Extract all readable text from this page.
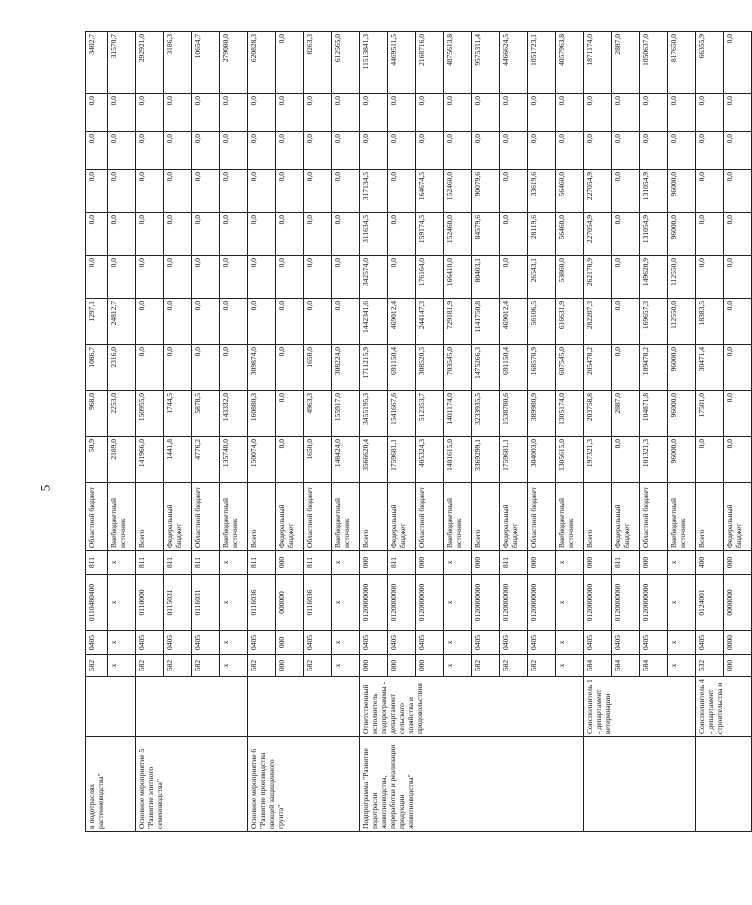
5
в подотраслях растениеводства"		582	0405	0110480400	811	Областной бюджет	50,9	968,0	1086,7	1297,1	0,0	0,0	0,0	0,0	0,0	3402,7
		х	х	х	х	Внебюджетный источник	2189,0	2253,0	2316,0	24812,7	0,0	0,0	0,0	0,0	0,0	31570,7
Основное мероприятие 5 "Развитие элитного семеноводства"		582	0405	0110000	811	Всего	141966,0	150955,0	0,0	0,0	0,0	0,0	0,0	0,0	0,0	292921,0
		582	0405	0115031	811	Федеральный бюджет	1441,8	1744,5	0,0	0,0	0,0	0,0	0,0	0,0	0,0	3186,3
		582	0405	0116031	811	Областной бюджет	4776,2	5878,5	0,0	0,0	0,0	0,0	0,0	0,0	0,0	10654,7
		х	х	х	х	Внебюджетный источник	135748,0	143332,0	0,0	0,0	0,0	0,0	0,0	0,0	0,0	279080,0
Основное мероприятие 6 "Развитие производства овощей защищенного грунта"		582	0405	0116036	811	Всего	150074,0	160880,3	309874,0	0,0	0,0	0,0	0,0	0,0	0,0	620828,3
		000	000	000000	000	Федеральный бюджет	0,0	0,0	0,0	0,0	0,0	0,0	0,0	0,0	0,0	0,0
		582	0405	0116036	811	Областной бюджет	1650,0	4963,3	1650,0	0,0	0,0	0,0	0,0	0,0	0,0	8263,3
		х	х	х	х	Внебюджетный источник	148424,0	155917,0	308224,0	0,0	0,0	0,0	0,0	0,0	0,0	612565,0
Подпрограмма "Развитие подотрасли животноводства, переработки и реализации продукции животноводства"	Ответственный исполнитель подпрограммы - департамент сельского хозяйства и продовольствия	000	0405	0120000000	000	Всего	3566620,4	3455195,3	1711215,9	1442341,6	342574,0	311634,5	317134,5	0,0	0,0	11513841,3
		000	0405	0120000000	811	Федеральный бюджет	1759681,1	1541667,6	691150,4	469012,4	0,0	0,0	0,0	0,0	0,0	4469511,5
		000	0405	0120000000	000	Областной бюджет	405324,3	512353,7	308520,5	244147,3	176164,0	159174,5	164674,5	0,0	0,0	2168716,0
		х	х	х	х	Внебюджетный источник	1401615,0	1401174,0	703545,0	729181,9	166410,0	152460,0	152460,0	0,0	0,0	4875613,8
		582	0405	0120000000	000	Всего	3369299,1	3233935,5	1475266,3	1141750,8	80403,1	84579,6	90079,6	0,0	0,0	9575311,4
		582	0405	0120000000	811	Федеральный бюджет	1759681,1	1538780,6	691150,4	469012,4	0,0	0,0	0,0	0,0	0,0	4466624,5
		582	0405	0120000000	000	Областной бюджет	304003,0	389980,9	168570,9	56106,5	26543,1	28119,6	33619,6	0,0	0,0	1051723,1
		х	х	х	х	Внебюджетный источник	1305615,0	1305174,0	607545,0	616631,9	53860,0	56460,0	56460,0	0,0	0,0	4057963,8
	Соисполнитель 1 - департамент ветеринарии	584	0405	0120000000	000	Всего	197321,3	203758,8	205478,2	282207,3	262170,9	227054,9	227054,9	0,0	0,0	1871174,0
		584	0405	0120000000	811	Федеральный бюджет	0,0	2887,0	0,0	0,0	0,0	0,0	0,0	0,0	0,0	2887,0
		584	0405	0120000000	000	Областной бюджет	101321,3	104871,8	109478,2	169657,3	149620,9	131054,9	131054,9	0,0	0,0	1050637,0
		х	х	х	х	Внебюджетный источник	96000,0	96000,0	96000,0	112550,0	112550,0	96000,0	96000,0	0,0	0,0	817650,0
	Соисполнитель 4 - департамент строительства и	532	0405	0124001	400	Всего	0,0	17501,0	30471,4	18383,5	0,0	0,0	0,0	0,0	0,0	66355,9
		000	0000	0000000	000	Федеральный бюджет	0,0	0,0	0,0	0,0	0,0	0,0	0,0	0,0	0,0	0,0
